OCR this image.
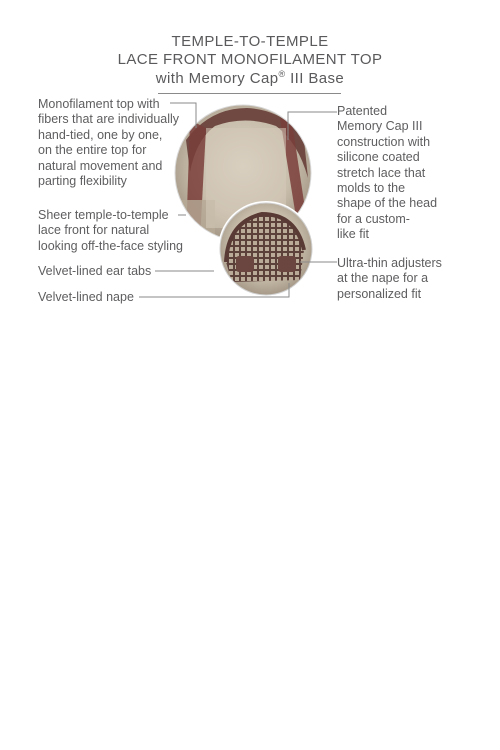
TEMPLE-TO-TEMPLE
LACE FRONT MONOFILAMENT TOP
with Memory Cap® III Base
Monofilament top with
fibers that are individually
hand-tied, one by one,
on the entire top for
natural movement and
parting flexibility
Sheer temple-to-temple
lace front for natural
looking off-the-face styling
Velvet-lined ear tabs
Velvet-lined nape
Patented
Memory Cap III
construction with
silicone coated
stretch lace that
molds to the
shape of the head
for a custom-
like fit
Ultra-thin adjusters
at the nape for a
personalized fit
